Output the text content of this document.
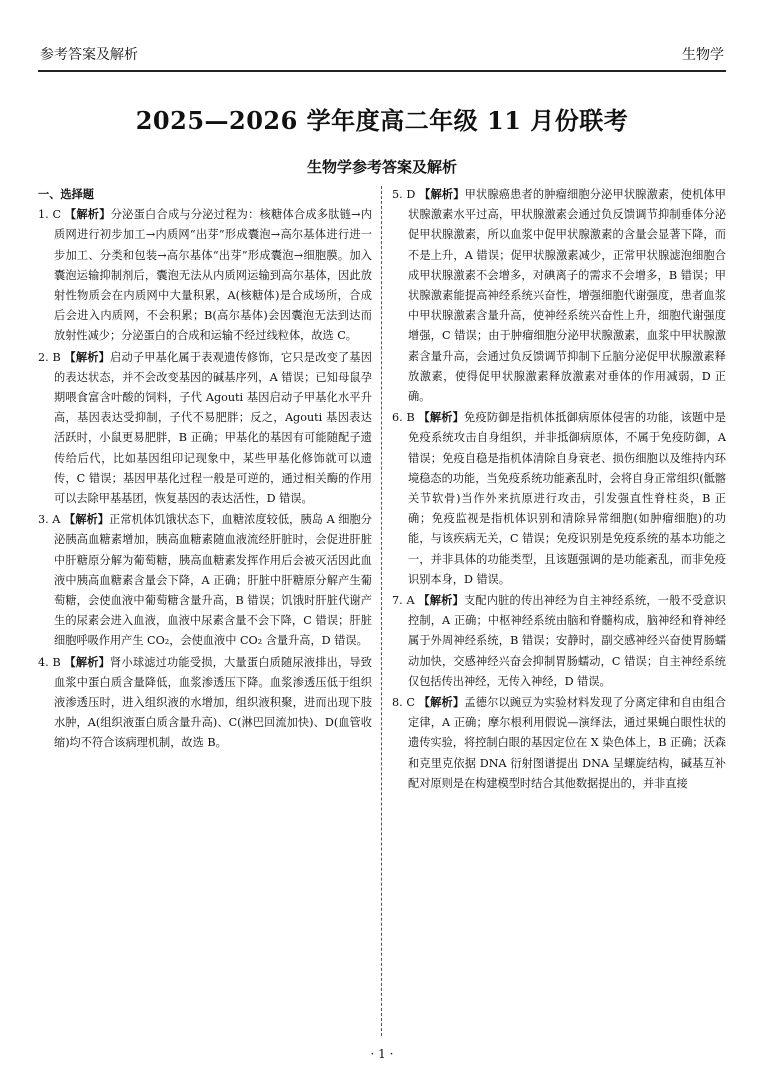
参考答案及解析	生物学
2025—2026 学年度高二年级 11 月份联考
生物学参考答案及解析
一、选择题

1. C 【解析】分泌蛋白合成与分泌过程为：核糖体合成多肽链→内质网进行初步加工→内质网“出芽”形成囊泡→高尔基体进行进一步加工、分类和包装→高尔基体“出芽”形成囊泡→细胞膜。加入囊泡运输抑制剂后，囊泡无法从内质网运输到高尔基体，因此放射性物质会在内质网中大量积累，A(核糖体)是合成场所，合成后会进入内质网，不会积累；B(高尔基体)会因囊泡无法到达而放射性减少；分泌蛋白的合成和运输不经过线粒体，故选 C。

2. B 【解析】启动子甲基化属于表观遗传修饰，它只是改变了基因的表达状态，并不会改变基因的碱基序列，A 错误；已知母鼠孕期喂食富含叶酸的饲料，子代 Agouti 基因启动子甲基化水平升高，基因表达受抑制，子代不易肥胖；反之，Agouti 基因表达活跃时，小鼠更易肥胖，B 正确；甲基化的基因有可能随配子遗传给后代，比如基因组印记现象中，某些甲基化修饰就可以遗传，C 错误；基因甲基化过程一般是可逆的，通过相关酶的作用可以去除甲基基团，恢复基因的表达活性，D 错误。

3. A 【解析】正常机体饥饿状态下，血糖浓度较低，胰岛 A 细胞分泌胰高血糖素增加，胰高血糖素随血液流经肝脏时，会促进肝脏中肝糖原分解为葡萄糖，胰高血糖素发挥作用后会被灭活因此血液中胰高血糖素含量会下降，A 正确；肝脏中肝糖原分解产生葡萄糖，会使血液中葡萄糖含量升高，B 错误；饥饿时肝脏代谢产生的尿素会进入血液，血液中尿素含量不会下降，C 错误；肝脏细胞呼吸作用产生 CO₂，会使血液中 CO₂ 含量升高，D 错误。

4. B 【解析】肾小球滤过功能受损，大量蛋白质随尿液排出，导致血浆中蛋白质含量降低，血浆渗透压下降。血浆渗透压低于组织液渗透压时，进入组织液的水增加，组织液积聚，进而出现下肢水肿，A(组织液蛋白质含量升高)、C(淋巴回流加快)、D(血管收缩)均不符合该病理机制，故选 B。

5. D 【解析】甲状腺癌患者的肿瘤细胞分泌甲状腺激素，使机体甲状腺激素水平过高，甲状腺激素会通过负反馈调节抑制垂体分泌促甲状腺激素，所以血浆中促甲状腺激素的含量会显著下降，而不是上升，A 错误；促甲状腺激素减少，正常甲状腺滤泡细胞合成甲状腺激素不会增多，对碘离子的需求不会增多，B 错误；甲状腺激素能提高神经系统兴奋性，增强细胞代谢强度，患者血浆中甲状腺激素含量升高，使神经系统兴奋性上升，细胞代谢强度增强，C 错误；由于肿瘤细胞分泌甲状腺激素，血浆中甲状腺激素含量升高，会通过负反馈调节抑制下丘脑分泌促甲状腺激素释放激素，使得促甲状腺激素释放激素对垂体的作用减弱，D 正确。

6. B 【解析】免疫防御是指机体抵御病原体侵害的功能，该题中是免疫系统攻击自身组织，并非抵御病原体，不属于免疫防御，A 错误；免疫自稳是指机体清除自身衰老、损伤细胞以及维持内环境稳态的功能，当免疫系统功能紊乱时，会将自身正常组织(骶髂关节软骨)当作外来抗原进行攻击，引发强直性脊柱炎，B 正确；免疫监视是指机体识别和清除异常细胞(如肿瘤细胞)的功能，与该疾病无关，C 错误；免疫识别是免疫系统的基本功能之一，并非具体的功能类型，且该题强调的是功能紊乱，而非免疫识别本身，D 错误。

7. A 【解析】支配内脏的传出神经为自主神经系统，一般不受意识控制，A 正确；中枢神经系统由脑和脊髓构成，脑神经和脊神经属于外周神经系统，B 错误；安静时，副交感神经兴奋使胃肠蠕动加快，交感神经兴奋会抑制胃肠蠕动，C 错误；自主神经系统仅包括传出神经，无传入神经，D 错误。

8. C 【解析】孟德尔以豌豆为实验材料发现了分离定律和自由组合定律，A 正确；摩尔根利用假说—演绎法，通过果蝇白眼性状的遗传实验，将控制白眼的基因定位在 X 染色体上，B 正确；沃森和克里克依据 DNA 衍射图谱提出 DNA 呈螺旋结构，碱基互补配对原则是在构建模型时结合其他数据提出的，并非直接

· 1 ·
